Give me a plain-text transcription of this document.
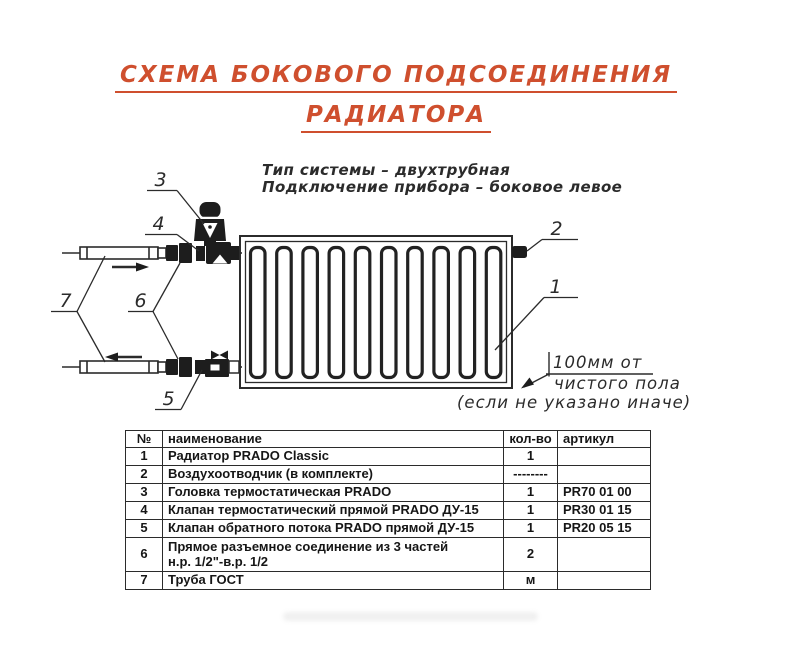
СХЕМА БОКОВОГО ПОДСОЕДИНЕНИЯ
РАДИАТОРА
Тип системы – двухтрубная
Подключение прибора – боковое левое
3
4
6
7
5
1
2
100мм от
чистого пола
(если не указано иначе)
№	наименование	кол-во	артикул
1	Радиатор PRADO Classic	1	
2	Воздухоотводчик (в комплекте)	--------	
3	Головка термостатическая PRADO	1	PR70 01 00
4	Клапан термостатический прямой PRADO ДУ-15	1	PR30 01 15
5	Клапан обратного потока PRADO прямой ДУ-15	1	PR20 05 15
6	Прямое разъемное соединение из 3 частей
н.р. 1/2"-в.р. 1/2	2	
7	Труба ГОСТ	м	
